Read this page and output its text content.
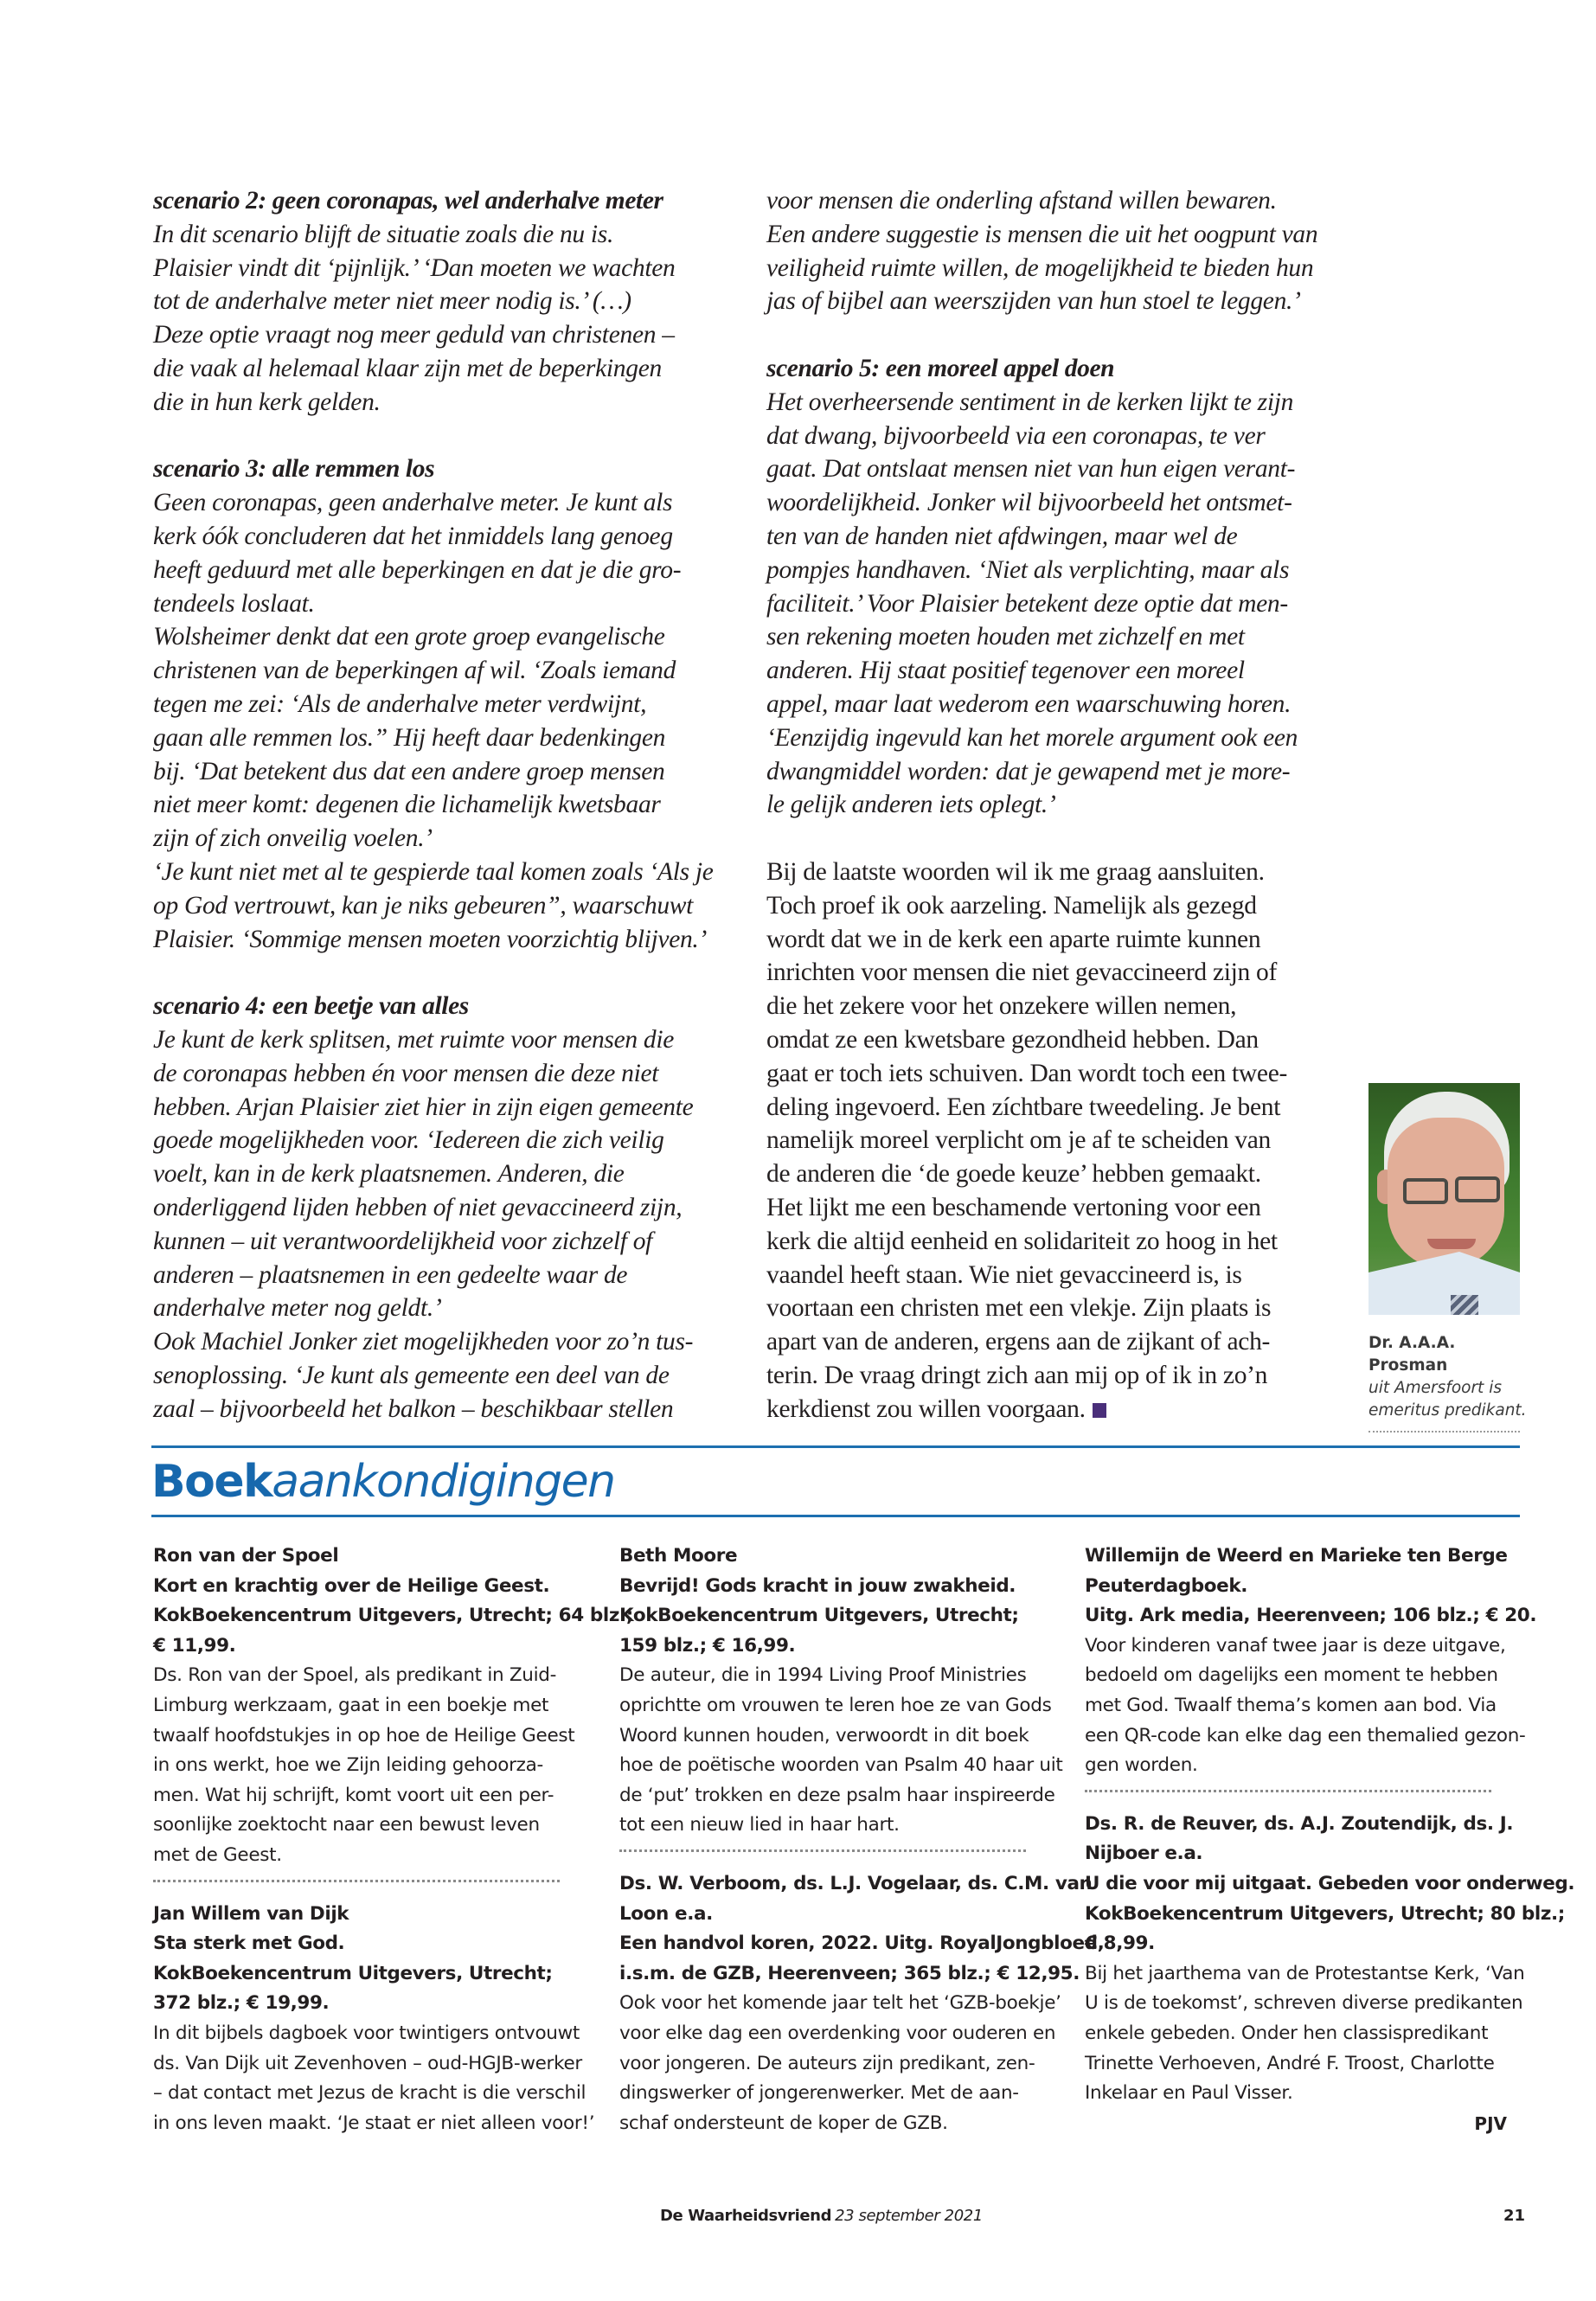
scenario 2: geen coronapas, wel anderhalve meter
In dit scenario blijft de situatie zoals die nu is.
Plaisier vindt dit ‘pijnlijk.’ ‘Dan moeten we wachten
tot de anderhalve meter niet meer nodig is.’ (…)
Deze optie vraagt nog meer geduld van christenen –
die vaak al helemaal klaar zijn met de beperkingen
die in hun kerk gelden.
scenario 3: alle remmen los
Geen coronapas, geen anderhalve meter. Je kunt als
kerk óók concluderen dat het inmiddels lang genoeg
heeft geduurd met alle beperkingen en dat je die gro-
tendeels loslaat.
Wolsheimer denkt dat een grote groep evangelische
christenen van de beperkingen af wil. ‘Zoals iemand
tegen me zei: ‘Als de anderhalve meter verdwijnt,
gaan alle remmen los.” Hij heeft daar bedenkingen
bij. ‘Dat betekent dus dat een andere groep mensen
niet meer komt: degenen die lichamelijk kwetsbaar
zijn of zich onveilig voelen.’
‘Je kunt niet met al te gespierde taal komen zoals ‘Als je
op God vertrouwt, kan je niks gebeuren”, waarschuwt
Plaisier. ‘Sommige mensen moeten voorzichtig blijven.’
scenario 4: een beetje van alles
Je kunt de kerk splitsen, met ruimte voor mensen die
de coronapas hebben én voor mensen die deze niet
hebben. Arjan Plaisier ziet hier in zijn eigen gemeente
goede mogelijkheden voor. ‘Iedereen die zich veilig
voelt, kan in de kerk plaatsnemen. Anderen, die
onderliggend lijden hebben of niet gevaccineerd zijn,
kunnen – uit verantwoordelijkheid voor zichzelf of
anderen – plaatsnemen in een gedeelte waar de
anderhalve meter nog geldt.’
Ook Machiel Jonker ziet mogelijkheden voor zo’n tus-
senoplossing. ‘Je kunt als gemeente een deel van de
zaal – bijvoorbeeld het balkon – beschikbaar stellen
voor mensen die onderling afstand willen bewaren.
Een andere suggestie is mensen die uit het oogpunt van
veiligheid ruimte willen, de mogelijkheid te bieden hun
jas of bijbel aan weerszijden van hun stoel te leggen.’
scenario 5: een moreel appel doen
Het overheersende sentiment in de kerken lijkt te zijn
dat dwang, bijvoorbeeld via een coronapas, te ver
gaat. Dat ontslaat mensen niet van hun eigen verant-
woordelijkheid. Jonker wil bijvoorbeeld het ontsmet-
ten van de handen niet afdwingen, maar wel de
pompjes handhaven. ‘Niet als verplichting, maar als
faciliteit.’ Voor Plaisier betekent deze optie dat men-
sen rekening moeten houden met zichzelf en met
anderen. Hij staat positief tegenover een moreel
appel, maar laat wederom een waarschuwing horen.
‘Eenzijdig ingevuld kan het morele argument ook een
dwangmiddel worden: dat je gewapend met je more-
le gelijk anderen iets oplegt.’
Bij de laatste woorden wil ik me graag aansluiten.
Toch proef ik ook aarzeling. Namelijk als gezegd
wordt dat we in de kerk een aparte ruimte kunnen
inrichten voor mensen die niet gevaccineerd zijn of
die het zekere voor het onzekere willen nemen,
omdat ze een kwetsbare gezondheid hebben. Dan
gaat er toch iets schuiven. Dan wordt toch een twee-
deling ingevoerd. Een zíchtbare tweedeling. Je bent
namelijk moreel verplicht om je af te scheiden van
de anderen die ‘de goede keuze’ hebben gemaakt.
Het lijkt me een beschamende vertoning voor een
kerk die altijd eenheid en solidariteit zo hoog in het
vaandel heeft staan. Wie niet gevaccineerd is, is
voortaan een christen met een vlekje. Zijn plaats is
apart van de anderen, ergens aan de zijkant of ach-
terin. De vraag dringt zich aan mij op of ik in zo’n
kerkdienst zou willen voorgaan.
Dr. A.A.A. Prosman
uit Amersfoort is
emeritus predikant.
Boekaankondigingen
Ron van der Spoel
Kort en krachtig over de Heilige Geest.
KokBoekencentrum Uitgevers, Utrecht; 64 blz.;
€ 11,99.
Ds. Ron van der Spoel, als predikant in Zuid-
Limburg werkzaam, gaat in een boekje met
twaalf hoofdstukjes in op hoe de Heilige Geest
in ons werkt, hoe we Zijn leiding gehoorza-
men. Wat hij schrijft, komt voort uit een per-
soonlijke zoektocht naar een bewust leven
met de Geest.
Jan Willem van Dijk
Sta sterk met God.
KokBoekencentrum Uitgevers, Utrecht;
372 blz.; € 19,99.
In dit bijbels dagboek voor twintigers ontvouwt
ds. Van Dijk uit Zevenhoven – oud-HGJB-werker
– dat contact met Jezus de kracht is die verschil
in ons leven maakt. ‘Je staat er niet alleen voor!’
Beth Moore
Bevrijd! Gods kracht in jouw zwakheid.
KokBoekencentrum Uitgevers, Utrecht;
159 blz.; € 16,99.
De auteur, die in 1994 Living Proof Ministries
oprichtte om vrouwen te leren hoe ze van Gods
Woord kunnen houden, verwoordt in dit boek
hoe de poëtische woorden van Psalm 40 haar uit
de ‘put’ trokken en deze psalm haar inspireerde
tot een nieuw lied in haar hart.
Ds. W. Verboom, ds. L.J. Vogelaar, ds. C.M. van
Loon e.a.
Een handvol koren, 2022. Uitg. RoyalJongbloed,
i.s.m. de GZB, Heerenveen; 365 blz.; € 12,95.
Ook voor het komende jaar telt het ‘GZB-boekje’
voor elke dag een overdenking voor ouderen en
voor jongeren. De auteurs zijn predikant, zen-
dingswerker of jongerenwerker. Met de aan-
schaf ondersteunt de koper de GZB.
Willemijn de Weerd en Marieke ten Berge
Peuterdagboek.
Uitg. Ark media, Heerenveen; 106 blz.; € 20.
Voor kinderen vanaf twee jaar is deze uitgave,
bedoeld om dagelijks een moment te hebben
met God. Twaalf thema’s komen aan bod. Via
een QR-code kan elke dag een themalied gezon-
gen worden.
Ds. R. de Reuver, ds. A.J. Zoutendijk, ds. J.
Nijboer e.a.
U die voor mij uitgaat. Gebeden voor onderweg.
KokBoekencentrum Uitgevers, Utrecht; 80 blz.;
€ 8,99.
Bij het jaarthema van de Protestantse Kerk, ‘Van
U is de toekomst’, schreven diverse predikanten
enkele gebeden. Onder hen classispredikant
Trinette Verhoeven, André F. Troost, Charlotte
Inkelaar en Paul Visser.
PJV
De Waarheidsvriend 23 september 2021	21
